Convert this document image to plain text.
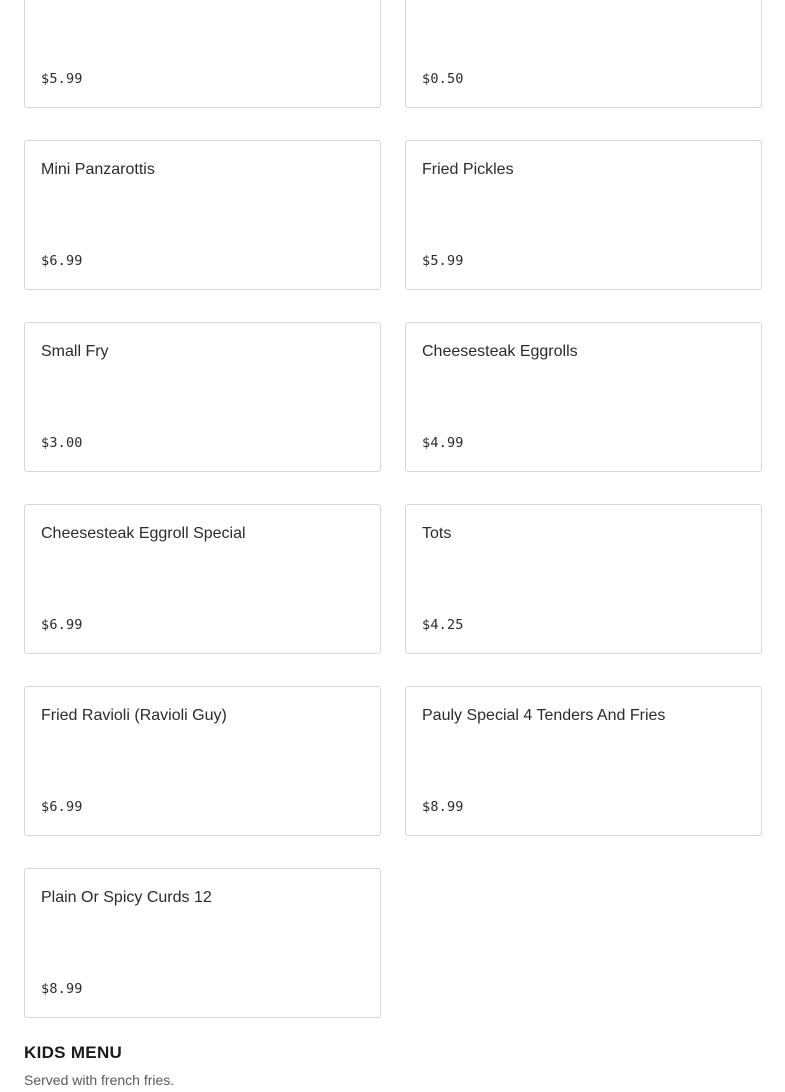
$5.99	$0.50
Mini Panzarottis
$6.99
Fried Pickles
$5.99
Small Fry
$3.00
Cheesesteak Eggrolls
$4.99
Cheesesteak Eggroll Special
$6.99
Tots
$4.25
Fried Ravioli (Ravioli Guy)
$6.99
Pauly Special 4 Tenders And Fries
$8.99
Plain Or Spicy Curds 12
$8.99
KIDS MENU

Served with french fries.
